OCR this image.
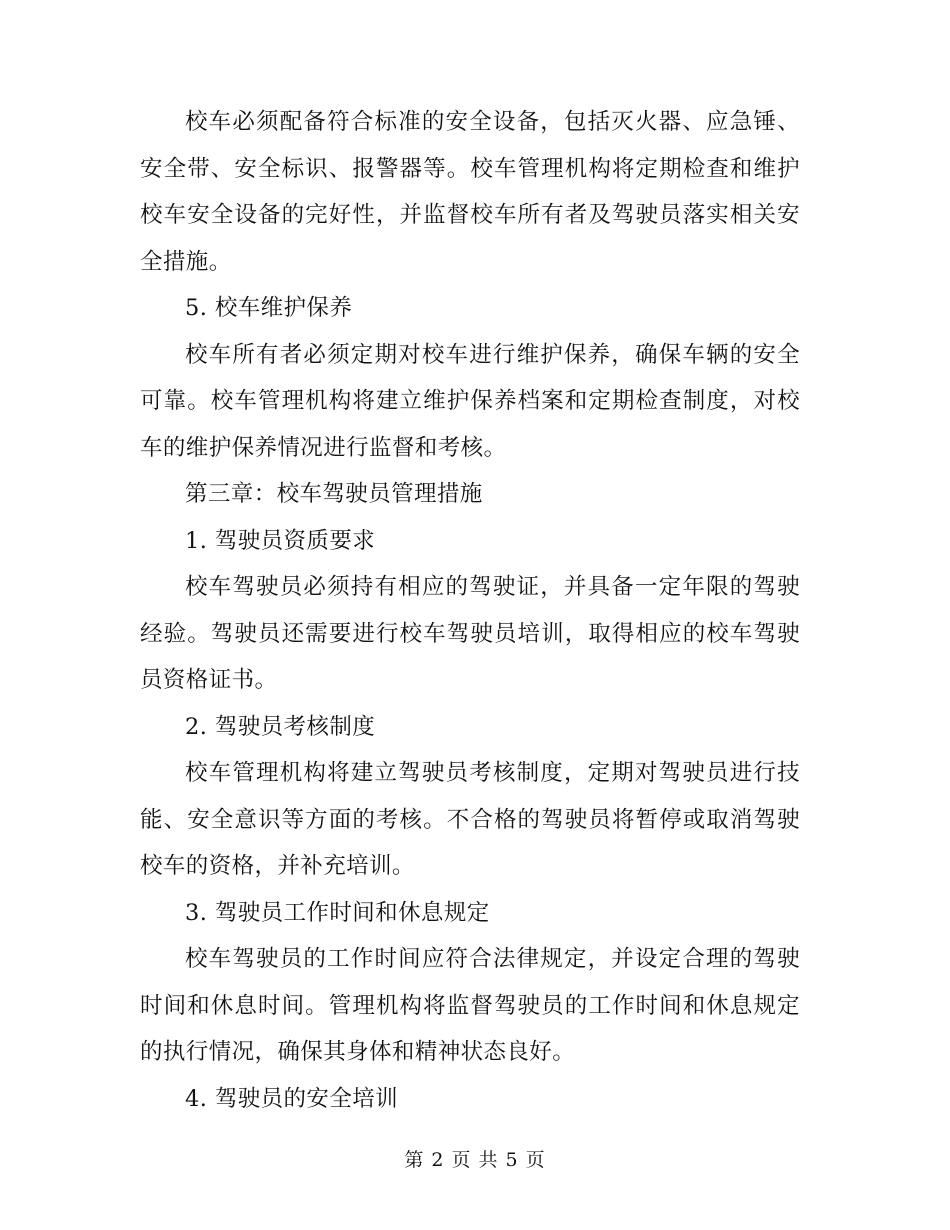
校车必须配备符合标准的安全设备，包括灭火器、应急锤、安全带、安全标识、报警器等。校车管理机构将定期检查和维护校车安全设备的完好性，并监督校车所有者及驾驶员落实相关安全措施。

5. 校车维护保养

校车所有者必须定期对校车进行维护保养，确保车辆的安全可靠。校车管理机构将建立维护保养档案和定期检查制度，对校车的维护保养情况进行监督和考核。

第三章：校车驾驶员管理措施

1. 驾驶员资质要求

校车驾驶员必须持有相应的驾驶证，并具备一定年限的驾驶经验。驾驶员还需要进行校车驾驶员培训，取得相应的校车驾驶员资格证书。

2. 驾驶员考核制度

校车管理机构将建立驾驶员考核制度，定期对驾驶员进行技能、安全意识等方面的考核。不合格的驾驶员将暂停或取消驾驶校车的资格，并补充培训。

3. 驾驶员工作时间和休息规定

校车驾驶员的工作时间应符合法律规定，并设定合理的驾驶时间和休息时间。管理机构将监督驾驶员的工作时间和休息规定的执行情况，确保其身体和精神状态良好。

4. 驾驶员的安全培训

第 2 页 共 5 页
